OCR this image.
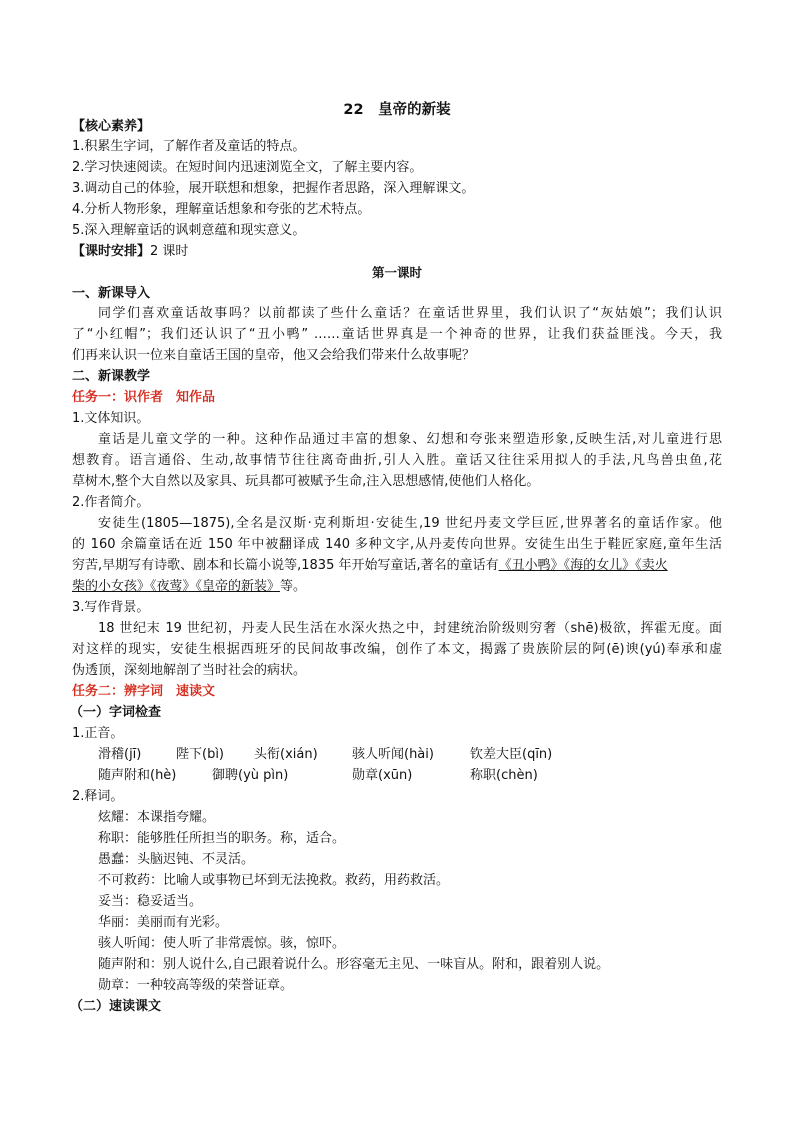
22　皇帝的新装
【核心素养】
1.积累生字词，了解作者及童话的特点。
2.学习快速阅读。在短时间内迅速浏览全文，了解主要内容。
3.调动自己的体验，展开联想和想象，把握作者思路，深入理解课文。
4.分析人物形象，理解童话想象和夸张的艺术特点。
5.深入理解童话的讽刺意蕴和现实意义。
【课时安排】2 课时
第一课时
一、新课导入
同学们喜欢童话故事吗？以前都读了些什么童话？在童话世界里，我们认识了“灰姑娘”；我们认识
了“小红帽”；我们还认识了“丑小鸭” ……童话世界真是一个神奇的世界，让我们获益匪浅。今天，我
们再来认识一位来自童话王国的皇帝，他又会给我们带来什么故事呢？
二、新课教学
任务一：识作者　知作品
1.文体知识。
童话是儿童文学的一种。这种作品通过丰富的想象、幻想和夸张来塑造形象,反映生活,对儿童进行思
想教育。语言通俗、生动,故事情节往往离奇曲折,引人入胜。童话又往往采用拟人的手法,凡鸟兽虫鱼,花
草树木,整个大自然以及家具、玩具都可被赋予生命,注入思想感情,使他们人格化。
2.作者简介。
安徒生(1805—1875),全名是汉斯·克利斯坦·安徒生,19 世纪丹麦文学巨匠,世界著名的童话作家。他
的 160 余篇童话在近 150 年中被翻译成 140 多种文字,从丹麦传向世界。安徒生出生于鞋匠家庭,童年生活
穷苦,早期写有诗歌、剧本和长篇小说等,1835 年开始写童话,著名的童话有《丑小鸭》《海的女儿》《卖火
柴的小女孩》《夜莺》《皇帝的新装》等。
3.写作背景。
18 世纪末 19 世纪初，丹麦人民生活在水深火热之中，封建统治阶级则穷奢（shē)极欲，挥霍无度。面
对这样的现实，安徒生根据西班牙的民间故事改编，创作了本文，揭露了贵族阶层的阿(ē)谀(yú)奉承和虚
伪透顶，深刻地解剖了当时社会的病状。
任务二：辨字词　速读文
（一）字词检查
1.正音。
滑稽(jī)	陛下(bì) 头衔(xián)	骇人听闻(hài)	钦差大臣(qīn)
随声附和(hè)	御聘(yù pìn)	勋章(xūn)	称职(chèn)
2.释词。
炫耀：本课指夸耀。
称职：能够胜任所担当的职务。称，适合。
愚蠢：头脑迟钝、不灵活。
不可救药：比喻人或事物已坏到无法挽救。救药，用药救活。
妥当：稳妥适当。
华丽：美丽而有光彩。
骇人听闻：使人听了非常震惊。骇，惊吓。
随声附和：别人说什么,自己跟着说什么。形容毫无主见、一味盲从。附和，跟着别人说。
勋章：一种较高等级的荣誉证章。
（二）速读课文
